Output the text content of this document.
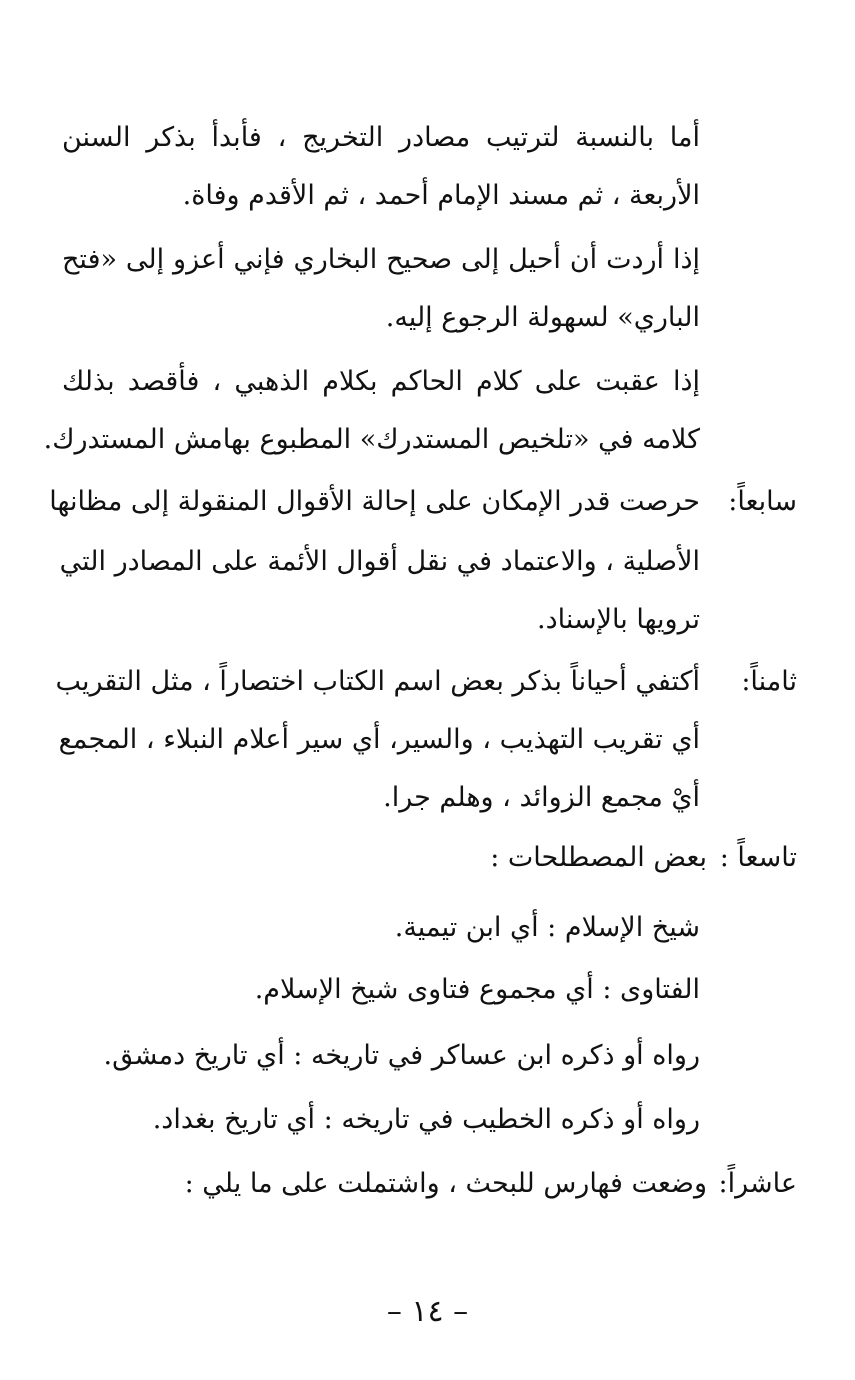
أما بالنسبة لترتيب مصادر التخريج ، فأبدأ بذكر السنن
الأربعة ، ثم مسند الإمام أحمد ، ثم الأقدم وفاة.
إذا أردت أن أحيل إلى صحيح البخاري فإني أعزو إلى «فتح
الباري» لسهولة الرجوع إليه.
إذا عقبت على كلام الحاكم بكلام الذهبي ، فأقصد بذلك
كلامه في «تلخيص المستدرك» المطبوع بهامش المستدرك.
سابعاً:
حرصت قدر الإمكان على إحالة الأقوال المنقولة إلى مظانها
الأصلية ، والاعتماد في نقل أقوال الأئمة على المصادر التي
ترويها بالإسناد.
ثامناً:
أكتفي أحياناً بذكر بعض اسم الكتاب اختصاراً ، مثل التقريب
أي تقريب التهذيب ، والسير، أي سير أعلام النبلاء ، المجمع
أيْ مجمع الزوائد ، وهلم جرا.
تاسعاً :
بعض المصطلحات :
شيخ الإسلام : أي ابن تيمية.
الفتاوى : أي مجموع فتاوى شيخ الإسلام.
رواه أو ذكره ابن عساكر في تاريخه : أي تاريخ دمشق.
رواه أو ذكره الخطيب في تاريخه : أي تاريخ بغداد.
عاشراً:
وضعت فهارس للبحث ، واشتملت على ما يلي :
– ١٤ –
